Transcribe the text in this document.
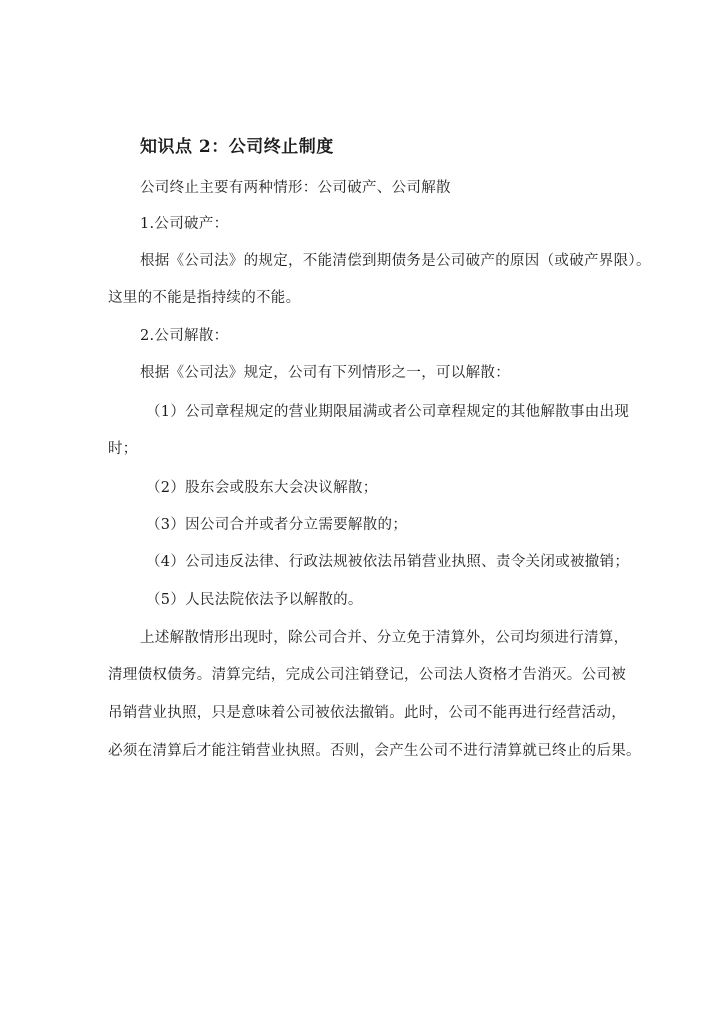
知识点 2：公司终止制度
公司终止主要有两种情形：公司破产、公司解散
1.公司破产：
根据《公司法》的规定，不能清偿到期债务是公司破产的原因（或破产界限）。
这里的不能是指持续的不能。
2.公司解散：
根据《公司法》规定，公司有下列情形之一，可以解散：
（1）公司章程规定的营业期限届满或者公司章程规定的其他解散事由出现
时；
（2）股东会或股东大会决议解散；
（3）因公司合并或者分立需要解散的；
（4）公司违反法律、行政法规被依法吊销营业执照、责令关闭或被撤销；
（5）人民法院依法予以解散的。
上述解散情形出现时，除公司合并、分立免于清算外，公司均须进行清算，
清理债权债务。清算完结，完成公司注销登记，公司法人资格才告消灭。公司被
吊销营业执照，只是意味着公司被依法撤销。此时，公司不能再进行经营活动，
必须在清算后才能注销营业执照。否则，会产生公司不进行清算就已终止的后果。
